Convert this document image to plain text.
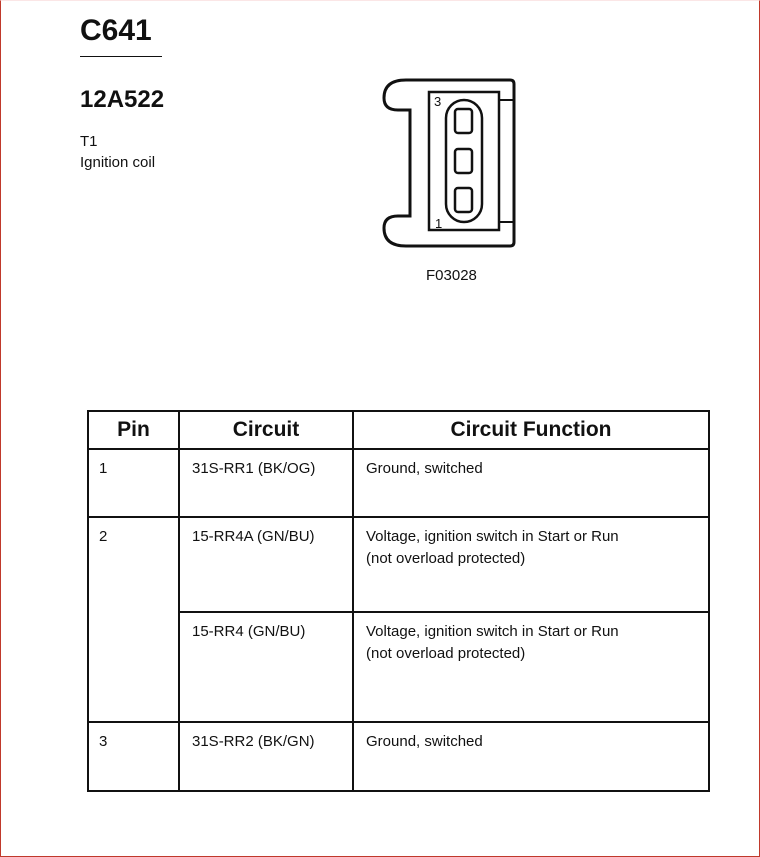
C641
12A522
T1
Ignition coil
3
1
F03028
Pin	Circuit	Circuit Function

1	31S-RR1 (BK/OG)	Ground, switched

2	15-RR4A (GN/BU)	Voltage, ignition switch in Start or Run
(not overload protected)

	15-RR4 (GN/BU)	Voltage, ignition switch in Start or Run
(not overload protected)

3	31S-RR2 (BK/GN)	Ground, switched
